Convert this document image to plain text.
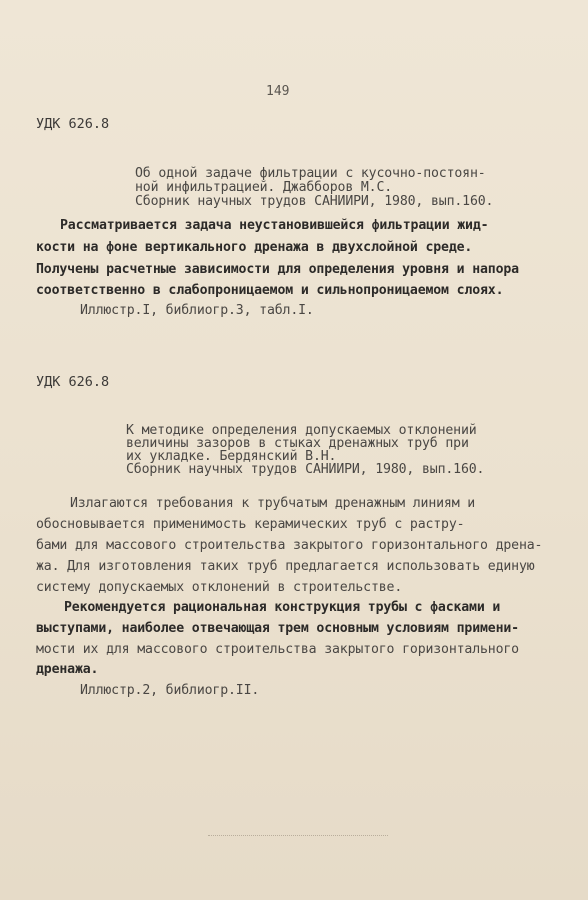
149
УДК 626.8
Об одной задаче фильтрации с кусочно-постоян-
ной инфильтрацией. Джабборов М.С.
Сборник научных трудов САНИИРИ, 1980, вып.160.
Рассматривается задача неустановившейся фильтрации жид-
кости на фоне вертикального дренажа в двухслойной среде.
Получены расчетные зависимости для определения уровня и напора
соответственно в слабопроницаемом и сильнопроницаемом слоях.
Иллюстр.I, библиогр.3, табл.I.
УДК 626.8
К методике определения допускаемых отклонений
величины зазоров в стыках дренажных труб при
их укладке. Бердянский В.Н.
Сборник научных трудов САНИИРИ, 1980, вып.160.
Излагаются требования к трубчатым дренажным линиям и
обосновывается применимость керамических труб с растру-
бами для массового строительства закрытого горизонтального дрена-
жа. Для изготовления таких труб предлагается использовать единую
систему допускаемых отклонений в строительстве.
Рекомендуется рациональная конструкция трубы с фасками и
выступами, наиболее отвечающая трем основным условиям примени-
мости их для массового строительства закрытого горизонтального
дренажа.
Иллюстр.2, библиогр.II.
